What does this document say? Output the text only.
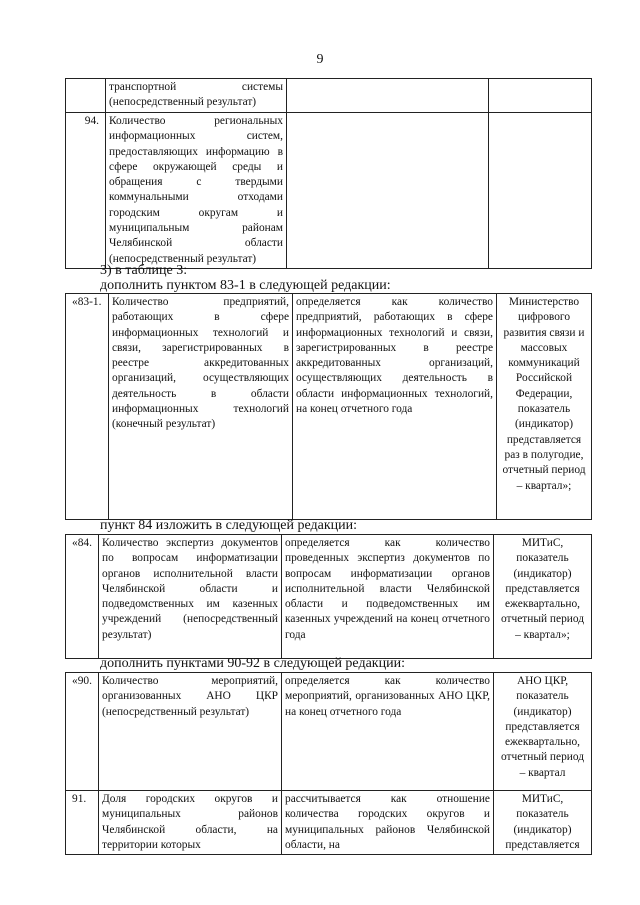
9
	транспортной системы (непосредственный результат)		
94.	Количество региональных информационных систем, предоставляющих информацию в сфере окружающей среды и обращения с твердыми коммунальными отходами городским округам и муниципальным районам Челябинской области (непосредственный результат)		
3) в таблице 3:
дополнить пунктом 83-1 в следующей редакции:
«83-1.	Количество предприятий, работающих в сфере информационных технологий и связи, зарегистрированных в реестре аккредитованных организаций, осуществляющих деятельность в области информационных технологий (конечный результат)	определяется как количество предприятий, работающих в сфере информационных технологий и связи, зарегистрированных в реестре аккредитованных организаций, осуществляющих деятельность в области информационных технологий, на конец отчетного года	Министерство цифрового развития связи и массовых коммуникаций Российской Федерации, показатель (индикатор) представляется раз в полугодие, отчетный период – квартал»;
пункт 84 изложить в следующей редакции:
«84.	Количество экспертиз документов по вопросам информатизации органов исполнительной власти Челябинской области и подведомственных им казенных учреждений (непосредственный результат)	определяется как количество проведенных экспертиз документов по вопросам информатизации органов исполнительной власти Челябинской области и подведомственных им казенных учреждений на конец отчетного года	МИТиС, показатель (индикатор) представляется ежеквартально, отчетный период – квартал»;
дополнить пунктами 90-92 в следующей редакции:
«90.	Количество мероприятий, организованных АНО ЦКР (непосредственный результат)	определяется как количество мероприятий, организованных АНО ЦКР, на конец отчетного года	АНО ЦКР, показатель (индикатор) представляется ежеквартально, отчетный период – квартал
91.	Доля городских округов и муниципальных районов Челябинской области, на территории которых	рассчитывается как отношение количества городских округов и муниципальных районов Челябинской области, на	МИТиС, показатель (индикатор) представляется
